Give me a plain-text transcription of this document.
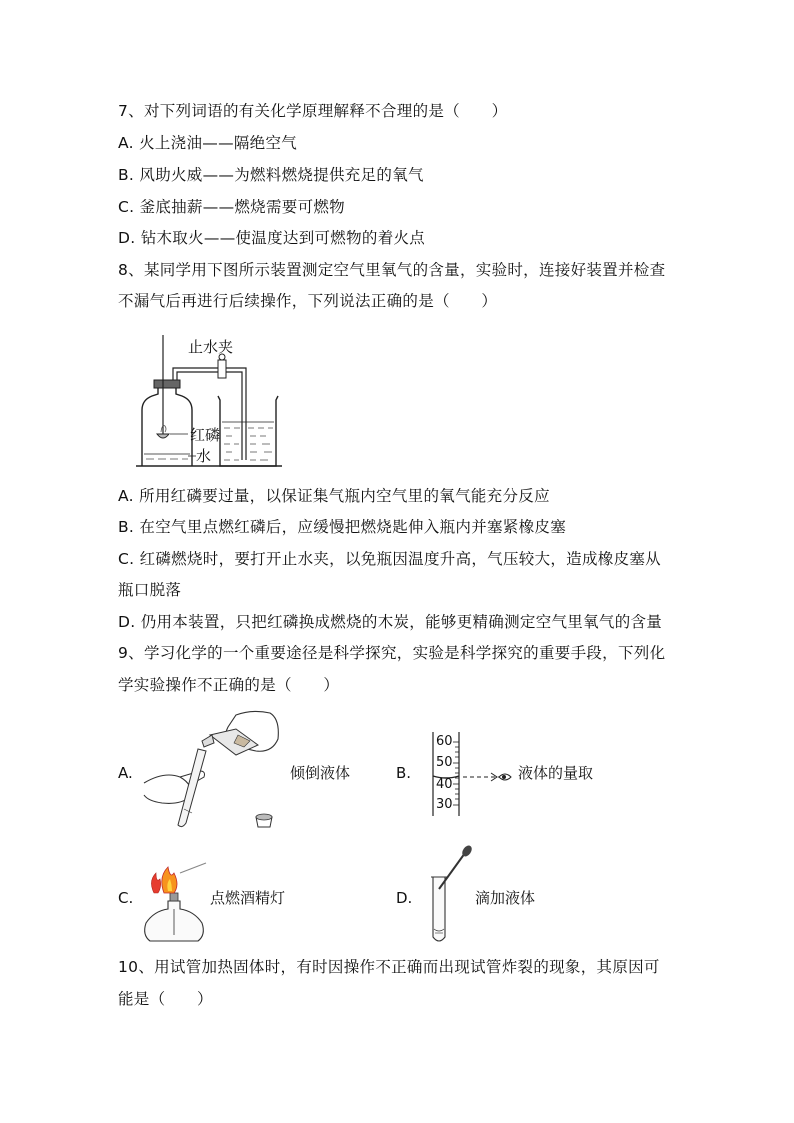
7、对下列词语的有关化学原理解释不合理的是（　　）
A. 火上浇油——隔绝空气
B. 风助火威——为燃料燃烧提供充足的氧气
C. 釜底抽薪——燃烧需要可燃物
D. 钻木取火——使温度达到可燃物的着火点
8、某同学用下图所示装置测定空气里氧气的含量，实验时，连接好装置并检查
不漏气后再进行后续操作，下列说法正确的是（　　）
止水夹
红磷
水
A. 所用红磷要过量，以保证集气瓶内空气里的氧气能充分反应
B. 在空气里点燃红磷后，应缓慢把燃烧匙伸入瓶内并塞紧橡皮塞
C. 红磷燃烧时，要打开止水夹，以免瓶因温度升高，气压较大，造成橡皮塞从
瓶口脱落
D. 仍用本装置，只把红磷换成燃烧的木炭，能够更精确测定空气里氧气的含量
9、学习化学的一个重要途径是科学探究，实验是科学探究的重要手段，下列化
学实验操作不正确的是（　　）
A.	倾倒液体	B.
60
50
40
30
液体的量取
C.	点燃酒精灯	D.	滴加液体
10、用试管加热固体时，有时因操作不正确而出现试管炸裂的现象，其原因可
能是（　　）
